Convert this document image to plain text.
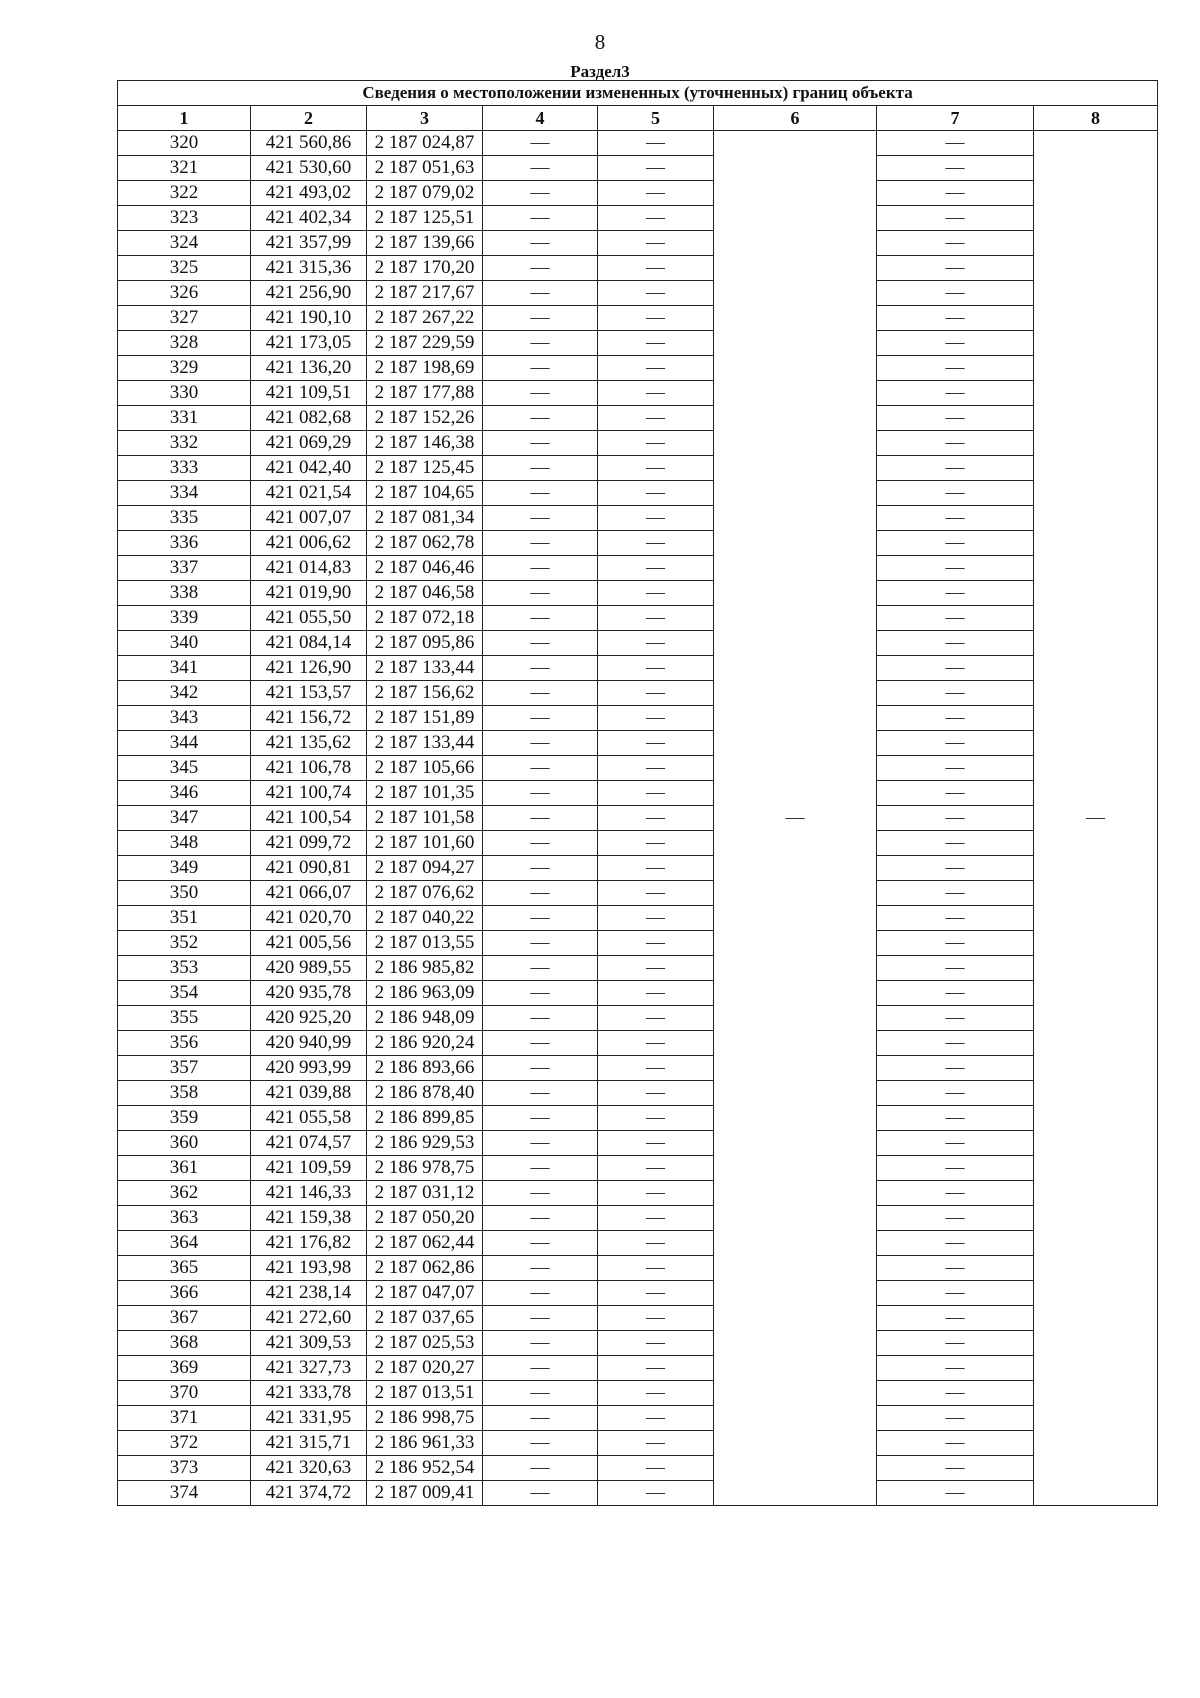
8
Раздел3
Сведения о местоположении измененных (уточненных) границ объекта							
1	2	3	4	5	6	7	8
320	421 560,86	2 187 024,87	—	—	—	—	—
321	421 530,60	2 187 051,63	—	—		—	
322	421 493,02	2 187 079,02	—	—		—	
323	421 402,34	2 187 125,51	—	—		—	
324	421 357,99	2 187 139,66	—	—		—	
325	421 315,36	2 187 170,20	—	—		—	
326	421 256,90	2 187 217,67	—	—		—	
327	421 190,10	2 187 267,22	—	—		—	
328	421 173,05	2 187 229,59	—	—		—	
329	421 136,20	2 187 198,69	—	—		—	
330	421 109,51	2 187 177,88	—	—		—	
331	421 082,68	2 187 152,26	—	—		—	
332	421 069,29	2 187 146,38	—	—		—	
333	421 042,40	2 187 125,45	—	—		—	
334	421 021,54	2 187 104,65	—	—		—	
335	421 007,07	2 187 081,34	—	—		—	
336	421 006,62	2 187 062,78	—	—		—	
337	421 014,83	2 187 046,46	—	—		—	
338	421 019,90	2 187 046,58	—	—		—	
339	421 055,50	2 187 072,18	—	—		—	
340	421 084,14	2 187 095,86	—	—		—	
341	421 126,90	2 187 133,44	—	—		—	
342	421 153,57	2 187 156,62	—	—		—	
343	421 156,72	2 187 151,89	—	—		—	
344	421 135,62	2 187 133,44	—	—		—	
345	421 106,78	2 187 105,66	—	—		—	
346	421 100,74	2 187 101,35	—	—		—	
347	421 100,54	2 187 101,58	—	—		—	
348	421 099,72	2 187 101,60	—	—		—	
349	421 090,81	2 187 094,27	—	—		—	
350	421 066,07	2 187 076,62	—	—		—	
351	421 020,70	2 187 040,22	—	—		—	
352	421 005,56	2 187 013,55	—	—		—	
353	420 989,55	2 186 985,82	—	—		—	
354	420 935,78	2 186 963,09	—	—		—	
355	420 925,20	2 186 948,09	—	—		—	
356	420 940,99	2 186 920,24	—	—		—	
357	420 993,99	2 186 893,66	—	—		—	
358	421 039,88	2 186 878,40	—	—		—	
359	421 055,58	2 186 899,85	—	—		—	
360	421 074,57	2 186 929,53	—	—		—	
361	421 109,59	2 186 978,75	—	—		—	
362	421 146,33	2 187 031,12	—	—		—	
363	421 159,38	2 187 050,20	—	—		—	
364	421 176,82	2 187 062,44	—	—		—	
365	421 193,98	2 187 062,86	—	—		—	
366	421 238,14	2 187 047,07	—	—		—	
367	421 272,60	2 187 037,65	—	—		—	
368	421 309,53	2 187 025,53	—	—		—	
369	421 327,73	2 187 020,27	—	—		—	
370	421 333,78	2 187 013,51	—	—		—	
371	421 331,95	2 186 998,75	—	—		—	
372	421 315,71	2 186 961,33	—	—		—	
373	421 320,63	2 186 952,54	—	—		—	
374	421 374,72	2 187 009,41	—	—		—	
